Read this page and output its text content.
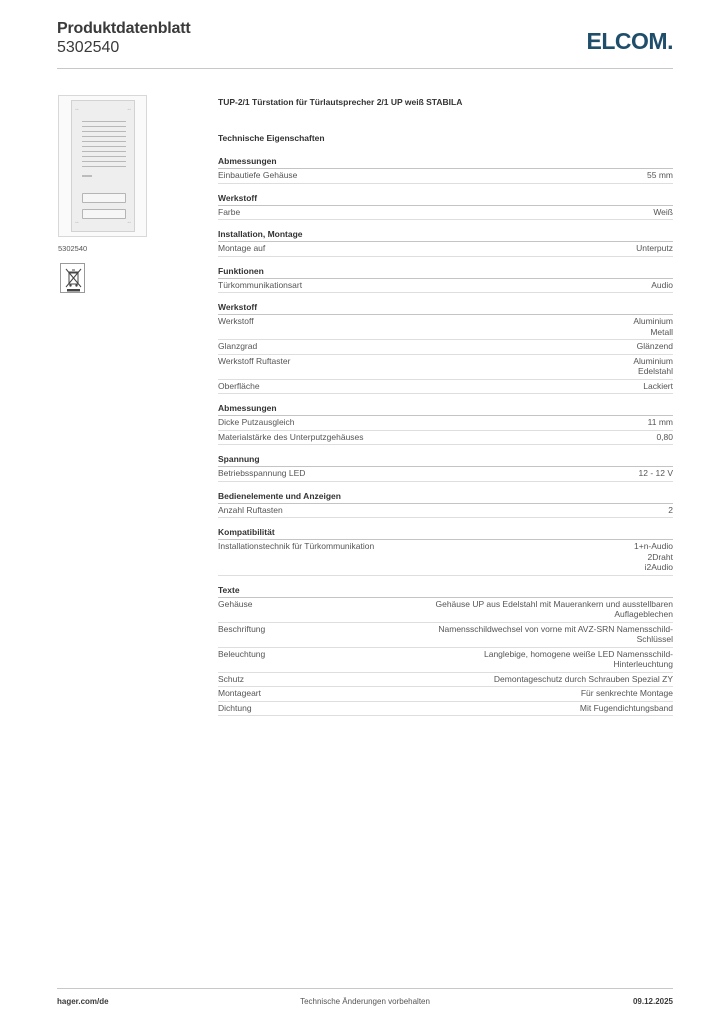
Produktdatenblatt
5302540	ELCOM.
◦◦	◦◦
◦◦	◦◦
5302540
TUP-2/1 Türstation für Türlautsprecher 2/1 UP weiß STABILA
Technische Eigenschaften
Abmessungen
Einbautiefe Gehäuse	55 mm
Werkstoff
Farbe	Weiß
Installation, Montage
Montage auf	Unterputz
Funktionen
Türkommunikationsart	Audio
Werkstoff
Werkstoff	Aluminium
Metall
Glanzgrad	Glänzend
Werkstoff Ruftaster	Aluminium
Edelstahl
Oberfläche	Lackiert
Abmessungen
Dicke Putzausgleich	11 mm
Materialstärke des Unterputzgehäuses	0,80
Spannung
Betriebsspannung LED	12 - 12 V
Bedienelemente und Anzeigen
Anzahl Ruftasten	2
Kompatibilität
Installationstechnik für Türkommunikation	1+n-Audio
2Draht
i2Audio
Texte
Gehäuse	Gehäuse UP aus Edelstahl mit Mauerankern und ausstellbaren
Auflageblechen
Beschriftung	Namensschildwechsel von vorne mit AVZ-SRN Namensschild-
Schlüssel
Beleuchtung	Langlebige, homogene weiße LED Namensschild-
Hinterleuchtung
Schutz	Demontageschutz durch Schrauben Spezial ZY
Montageart	Für senkrechte Montage
Dichtung	Mit Fugendichtungsband
hager.com/de	Technische Änderungen vorbehalten	09.12.2025
